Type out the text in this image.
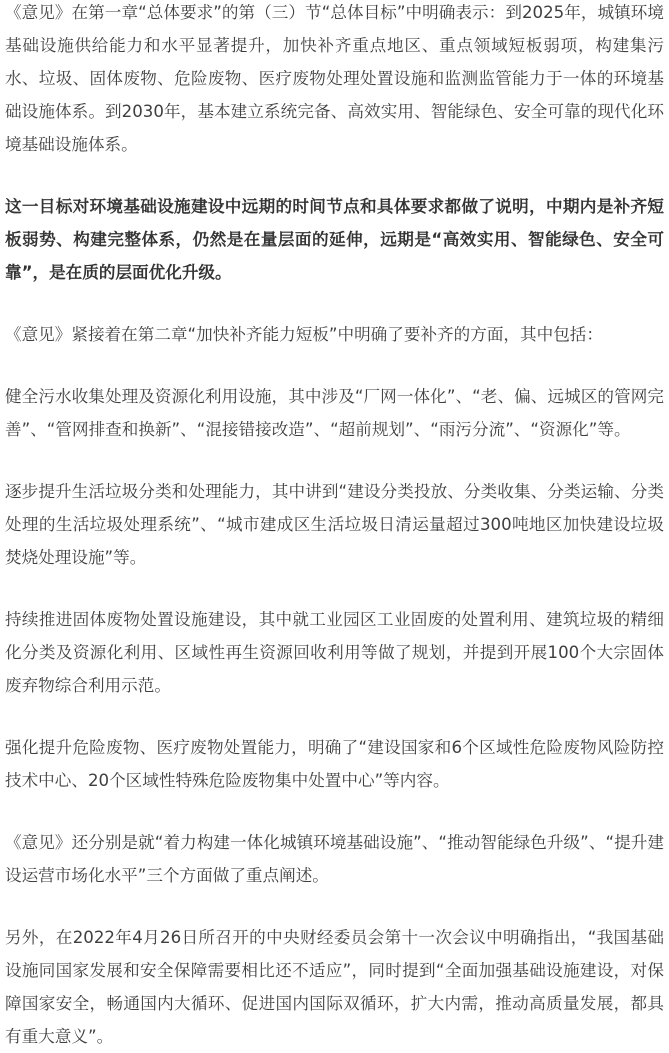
《意见》在第一章“总体要求”的第（三）节“总体目标”中明确表示：到2025年，城镇环境基础设施供给能力和水平显著提升，加快补齐重点地区、重点领域短板弱项，构建集污水、垃圾、固体废物、危险废物、医疗废物处理处置设施和监测监管能力于一体的环境基础设施体系。到2030年，基本建立系统完备、高效实用、智能绿色、安全可靠的现代化环境基础设施体系。

这一目标对环境基础设施建设中远期的时间节点和具体要求都做了说明，中期内是补齐短板弱势、构建完整体系，仍然是在量层面的延伸，远期是“高效实用、智能绿色、安全可靠”，是在质的层面优化升级。

《意见》紧接着在第二章“加快补齐能力短板”中明确了要补齐的方面，其中包括：

健全污水收集处理及资源化利用设施，其中涉及“厂网一体化”、“老、偏、远城区的管网完善”、“管网排查和换新”、“混接错接改造”、“超前规划”、“雨污分流”、“资源化”等。

逐步提升生活垃圾分类和处理能力，其中讲到“建设分类投放、分类收集、分类运输、分类处理的生活垃圾处理系统”、“城市建成区生活垃圾日清运量超过300吨地区加快建设垃圾焚烧处理设施”等。

持续推进固体废物处置设施建设，其中就工业园区工业固废的处置利用、建筑垃圾的精细化分类及资源化利用、区域性再生资源回收利用等做了规划，并提到开展100个大宗固体废弃物综合利用示范。

强化提升危险废物、医疗废物处置能力，明确了“建设国家和6个区域性危险废物风险防控技术中心、20个区域性特殊危险废物集中处置中心”等内容。

《意见》还分别是就“着力构建一体化城镇环境基础设施”、“推动智能绿色升级”、“提升建设运营市场化水平”三个方面做了重点阐述。

另外，在2022年4月26日所召开的中央财经委员会第十一次会议中明确指出，“我国基础设施同国家发展和安全保障需要相比还不适应”，同时提到“全面加强基础设施建设，对保障国家安全，畅通国内大循环、促进国内国际双循环，扩大内需，推动高质量发展，都具有重大意义”。
